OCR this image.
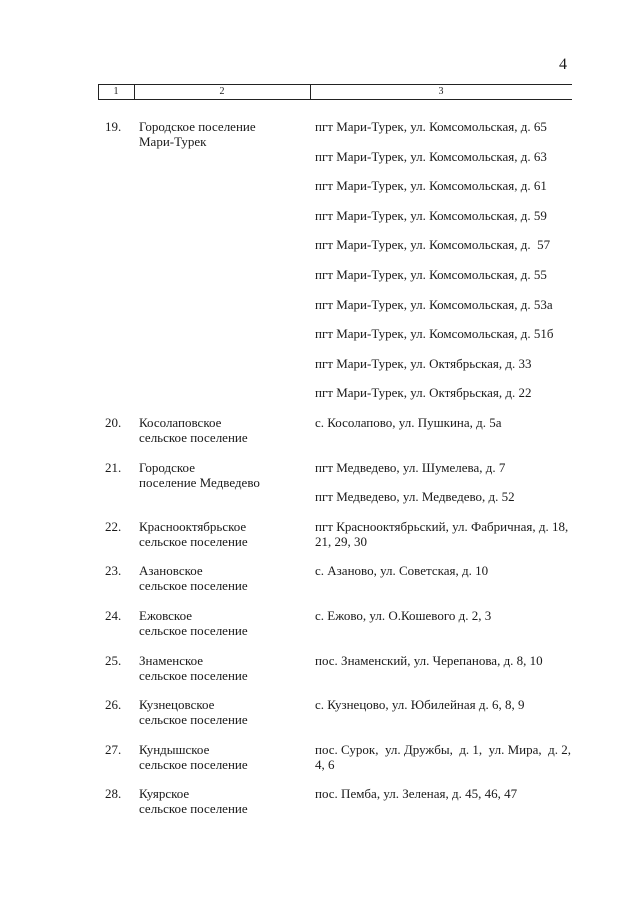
4
1	2	3
19. Городское поселение
Мари-Турек
пгт Мари-Турек, ул. Комсомольская, д. 65
пгт Мари-Турек, ул. Комсомольская, д. 63
пгт Мари-Турек, ул. Комсомольская, д. 61
пгт Мари-Турек, ул. Комсомольская, д. 59
пгт Мари-Турек, ул. Комсомольская, д.  57
пгт Мари-Турек, ул. Комсомольская, д. 55
пгт Мари-Турек, ул. Комсомольская, д. 53а
пгт Мари-Турек, ул. Комсомольская, д. 51б
пгт Мари-Турек, ул. Октябрьская, д. 33
пгт Мари-Турек, ул. Октябрьская, д. 22
20. Косолаповское
сельское поселение
с. Косолапово, ул. Пушкина, д. 5а
21. Городское
поселение Медведево
пгт Медведево, ул. Шумелева, д. 7
пгт Медведево, ул. Медведево, д. 52
22. Краснооктябрьское
сельское поселение
пгт Краснооктябрьский, ул. Фабричная, д. 18,
21, 29, 30
23. Азановское
сельское поселение
с. Азаново, ул. Советская, д. 10
24. Ежовское
сельское поселение
с. Ежово, ул. О.Кошевого д. 2, 3
25. Знаменское
сельское поселение
пос. Знаменский, ул. Черепанова, д. 8, 10
26. Кузнецовское
сельское поселение
с. Кузнецово, ул. Юбилейная д. 6, 8, 9
27. Кундышское
сельское поселение
пос. Сурок,  ул. Дружбы,  д. 1,  ул. Мира,  д. 2,
4, 6
28. Куярское
сельское поселение
пос. Пемба, ул. Зеленая, д. 45, 46, 47
